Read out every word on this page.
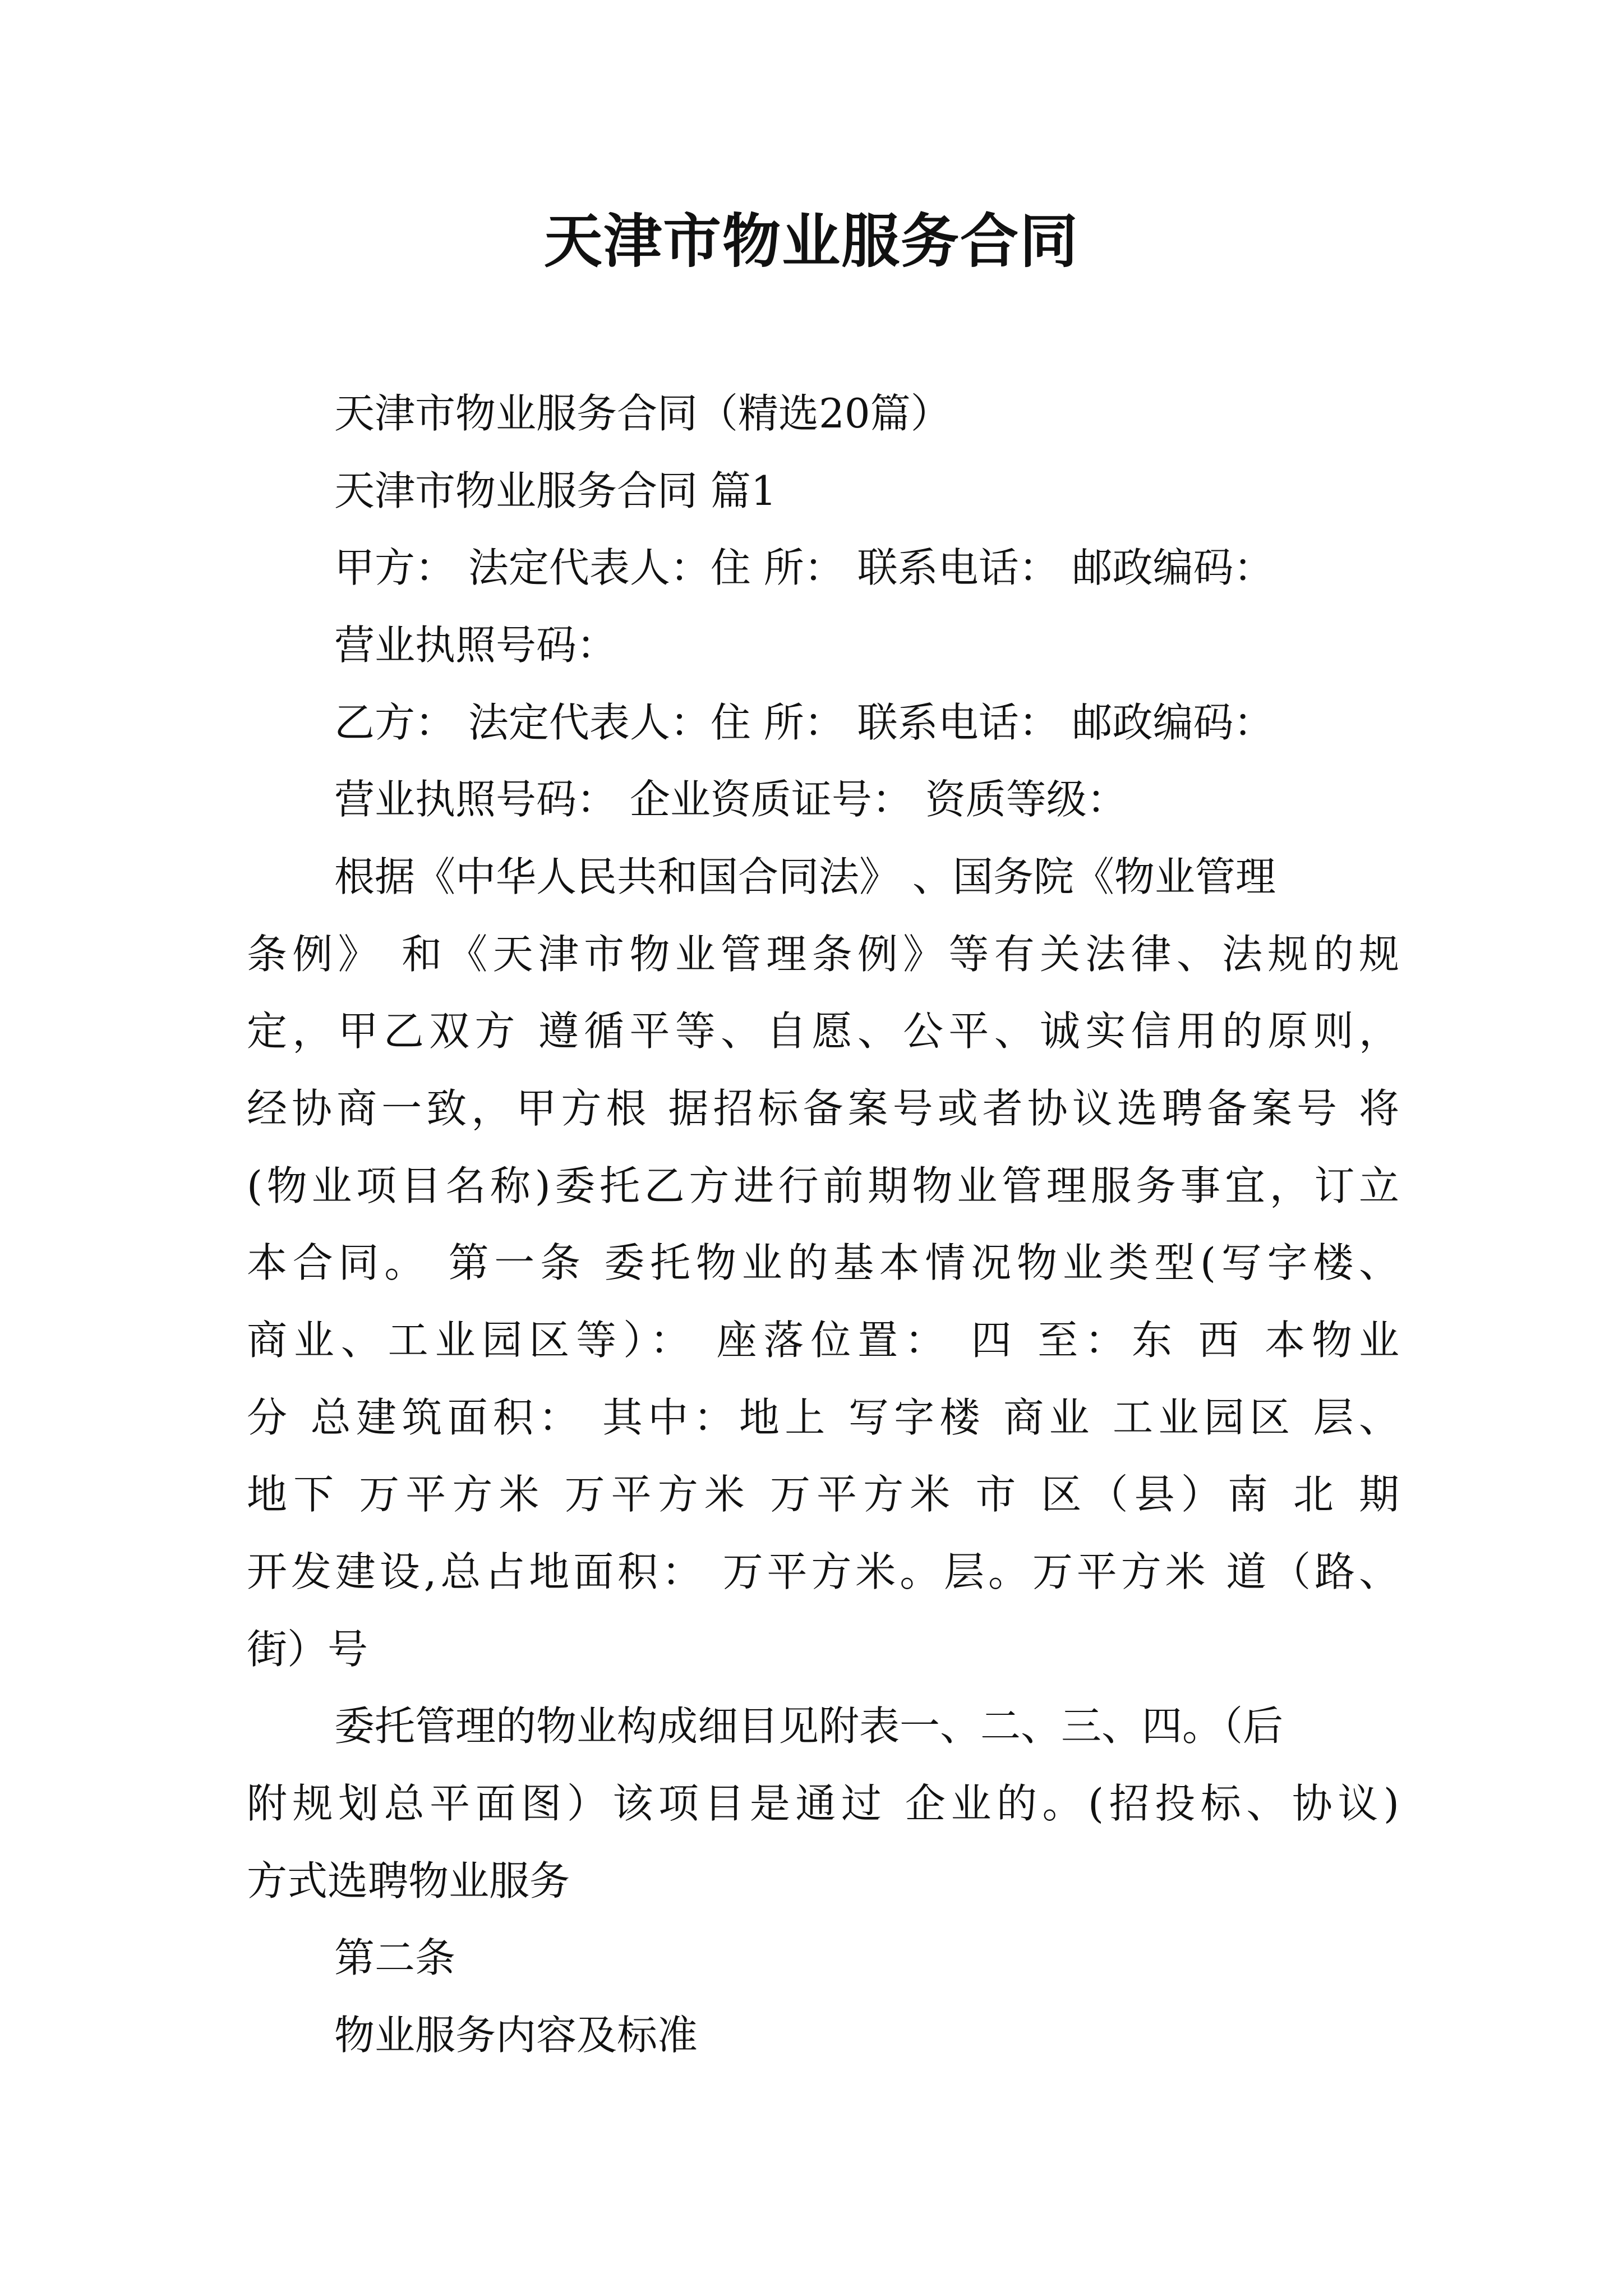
天津市物业服务合同

天津市物业服务合同（精选20篇）

天津市物业服务合同 篇1

甲方： 法定代表人：住 所： 联系电话： 邮政编码：

营业执照号码：

乙方： 法定代表人：住 所： 联系电话： 邮政编码：

营业执照号码： 企业资质证号： 资质等级：

根据《中华人民共和国合同法》 、国务院《物业管理

条例》 和《天津市物业管理条例》等有关法律、法规的规

定，甲乙双方 遵循平等、自愿、公平、诚实信用的原则，

经协商一致，甲方根 据招标备案号或者协议选聘备案号 将

(物业项目名称)委托乙方进行前期物业管理服务事宜，订立

本合同。 第一条 委托物业的基本情况物业类型(写字楼、

商业、工业园区等）： 座落位置： 四 至：东 西 本物业

分 总建筑面积： 其中：地上 写字楼 商业 工业园区 层、

地下 万平方米 万平方米 万平方米 市 区（县）南 北 期

开发建设,总占地面积： 万平方米。层。万平方米 道（路、

街）号

委托管理的物业构成细目见附表一、二、三、四。（后

附规划总平面图）该项目是通过 企业的。(招投标、协议)

方式选聘物业服务

第二条

物业服务内容及标准
